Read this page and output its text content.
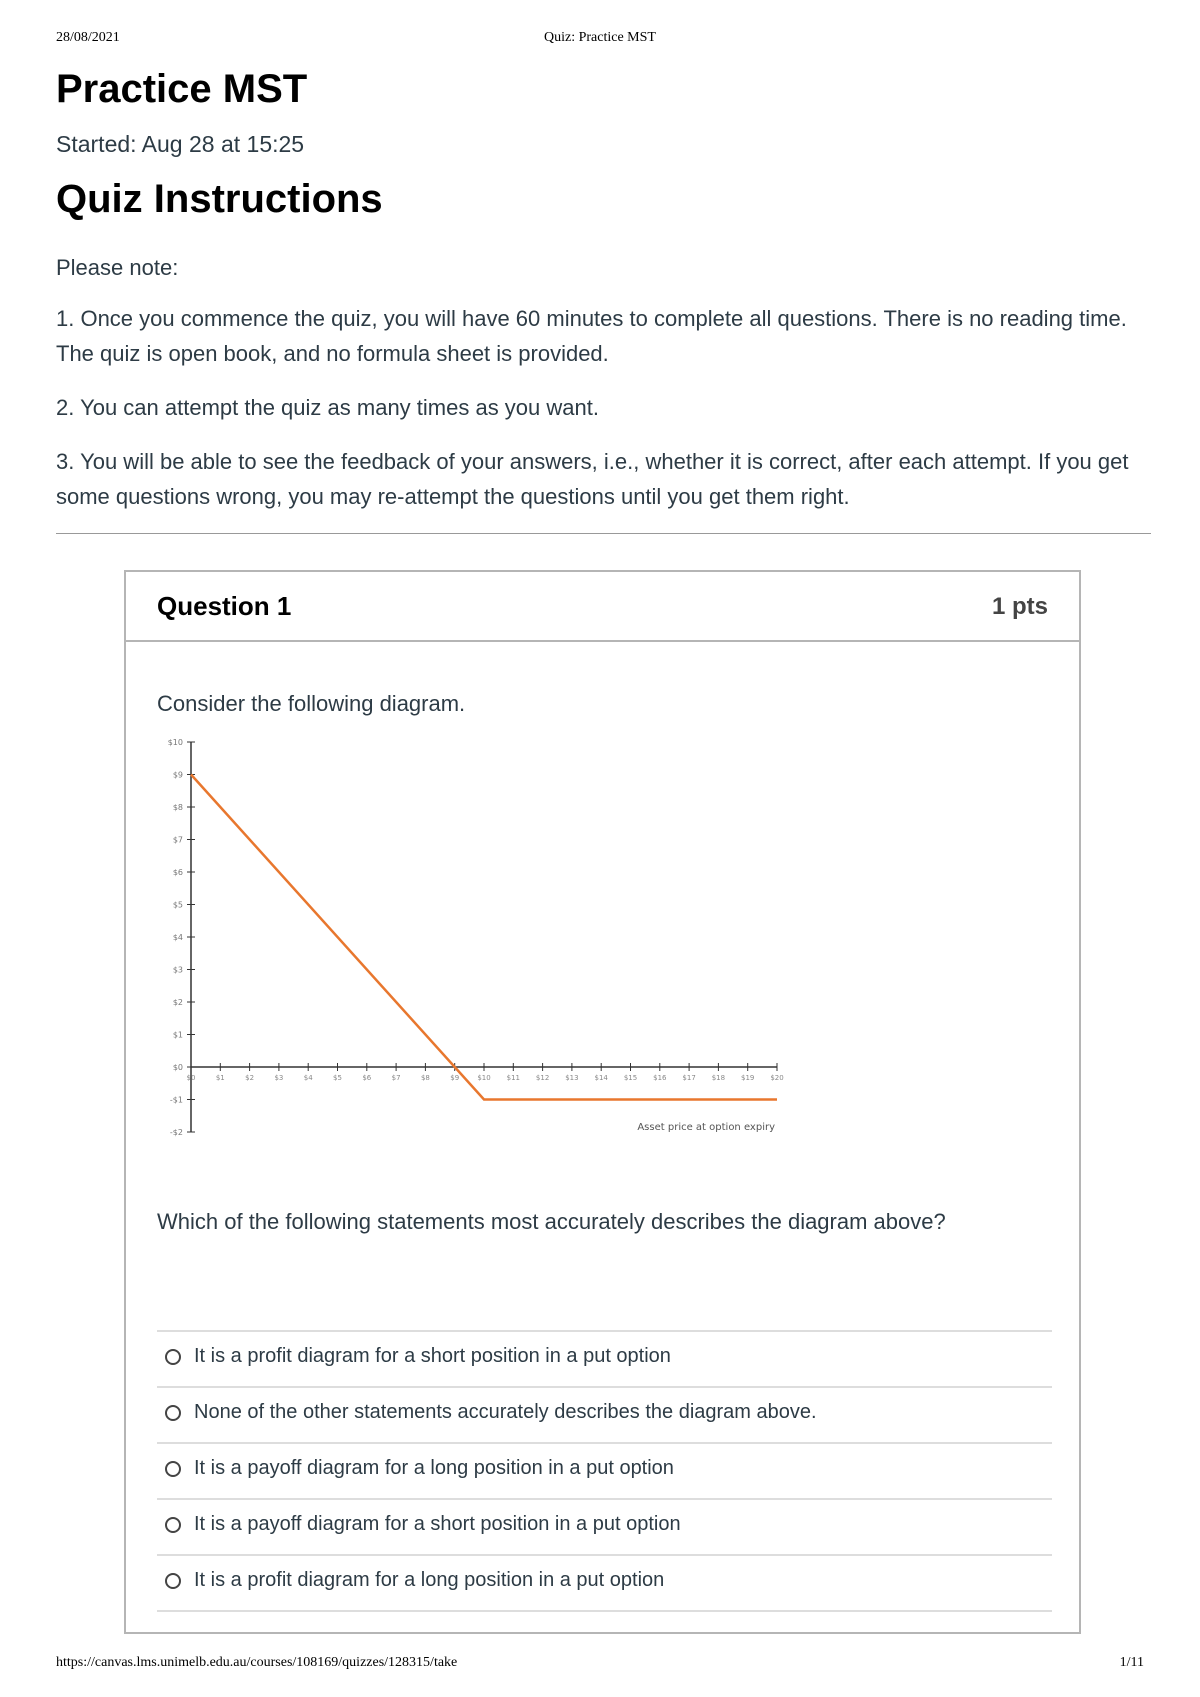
28/08/2021	Quiz: Practice MST
Practice MST
Started: Aug 28 at 15:25
Quiz Instructions

Please note:

1. Once you commence the quiz, you will have 60 minutes to complete all questions. There is no reading time. The quiz is open book, and no formula sheet is provided.

2. You can attempt the quiz as many times as you want.

3. You will be able to see the feedback of your answers, i.e., whether it is correct, after each attempt. If you get some questions wrong, you may re-attempt the questions until you get them right.

Question 1	1 pts
Consider the following diagram.
-$2
-$1
$0
$1
$2
$3
$4
$5
$6
$7
$8
$9
$10
$0	$1	$2	$3	$4	$5	$6	$7	$8	$9	$10 $11 $12 $13 $14 $15 $16 $17 $18 $19 $20
Asset price at option expiry
Which of the following statements most accurately describes the diagram above?
It is a profit diagram for a short position in a put option
None of the other statements accurately describes the diagram above.
It is a payoff diagram for a long position in a put option
It is a payoff diagram for a short position in a put option
It is a profit diagram for a long position in a put option
https://canvas.lms.unimelb.edu.au/courses/108169/quizzes/128315/take	1/11
